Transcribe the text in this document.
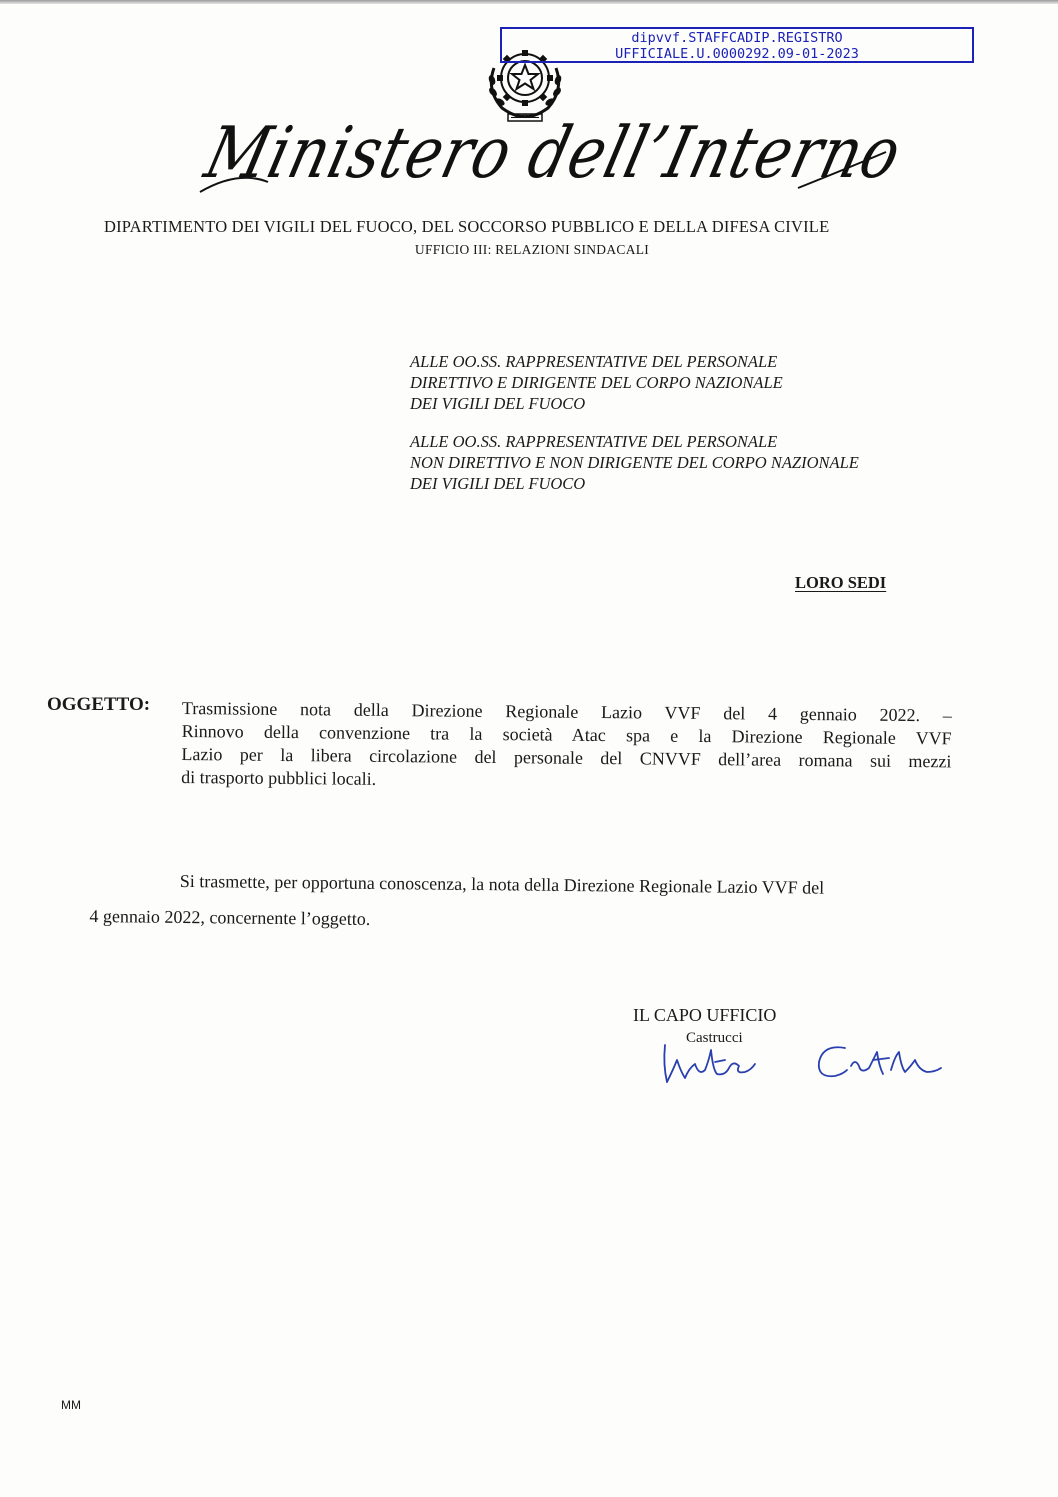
dipvvf.STAFFCADIP.REGISTRO
UFFICIALE.U.0000292.09-01-2023
Ministero dell’Interno
DIPARTIMENTO DEI VIGILI DEL FUOCO, DEL SOCCORSO PUBBLICO E DELLA DIFESA CIVILE
UFFICIO III: RELAZIONI SINDACALI
ALLE OO.SS. RAPPRESENTATIVE DEL PERSONALE
DIRETTIVO E DIRIGENTE DEL CORPO NAZIONALE
DEI VIGILI DEL FUOCO
ALLE OO.SS. RAPPRESENTATIVE DEL PERSONALE
NON DIRETTIVO E NON DIRIGENTE DEL CORPO NAZIONALE
DEI VIGILI DEL FUOCO
LORO SEDI
OGGETTO: Trasmissione nota della Direzione Regionale Lazio VVF del 4 gennaio 2022. –
Rinnovo della convenzione tra la società Atac spa e la Direzione Regionale VVF
Lazio per la libera circolazione del personale del CNVVF dell’area romana sui mezzi
di trasporto pubblici locali.
Si trasmette, per opportuna conoscenza, la nota della Direzione Regionale Lazio VVF del
4 gennaio 2022, concernente l’oggetto.
IL CAPO UFFICIO
Castrucci
MM
